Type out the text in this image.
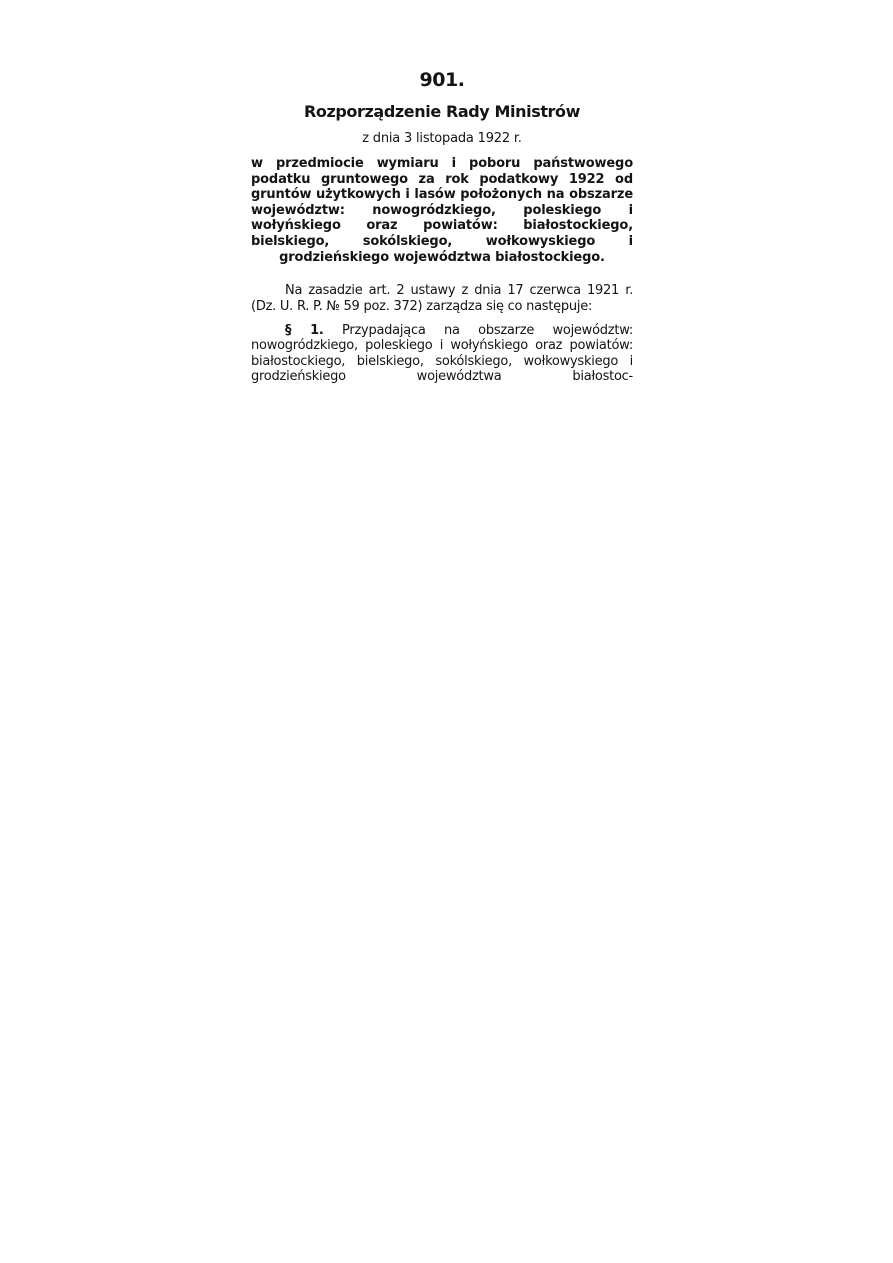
901.
Rozporządzenie Rady Ministrów
z dnia 3 listopada 1922 r.
w przedmiocie wymiaru i poboru państwowego podatku gruntowego za rok podatkowy 1922 od gruntów użytkowych i lasów położonych na obszarze województw: nowogródzkiego, poleskiego i wołyńskiego oraz powiatów: białostockiego, bielskiego, sokólskiego, wołkowyskiego i grodzieńskiego województwa białostockiego.
Na zasadzie art. 2 ustawy z dnia 17 czerwca 1921 r. (Dz. U. R. P. № 59 poz. 372) zarządza się co następuje:
§ 1. Przypadająca na obszarze województw: nowogródzkiego, poleskiego i wołyńskiego oraz powiatów: białostockiego, bielskiego, sokólskiego, wołkowyskiego i grodzieńskiego województwa białostoc-
